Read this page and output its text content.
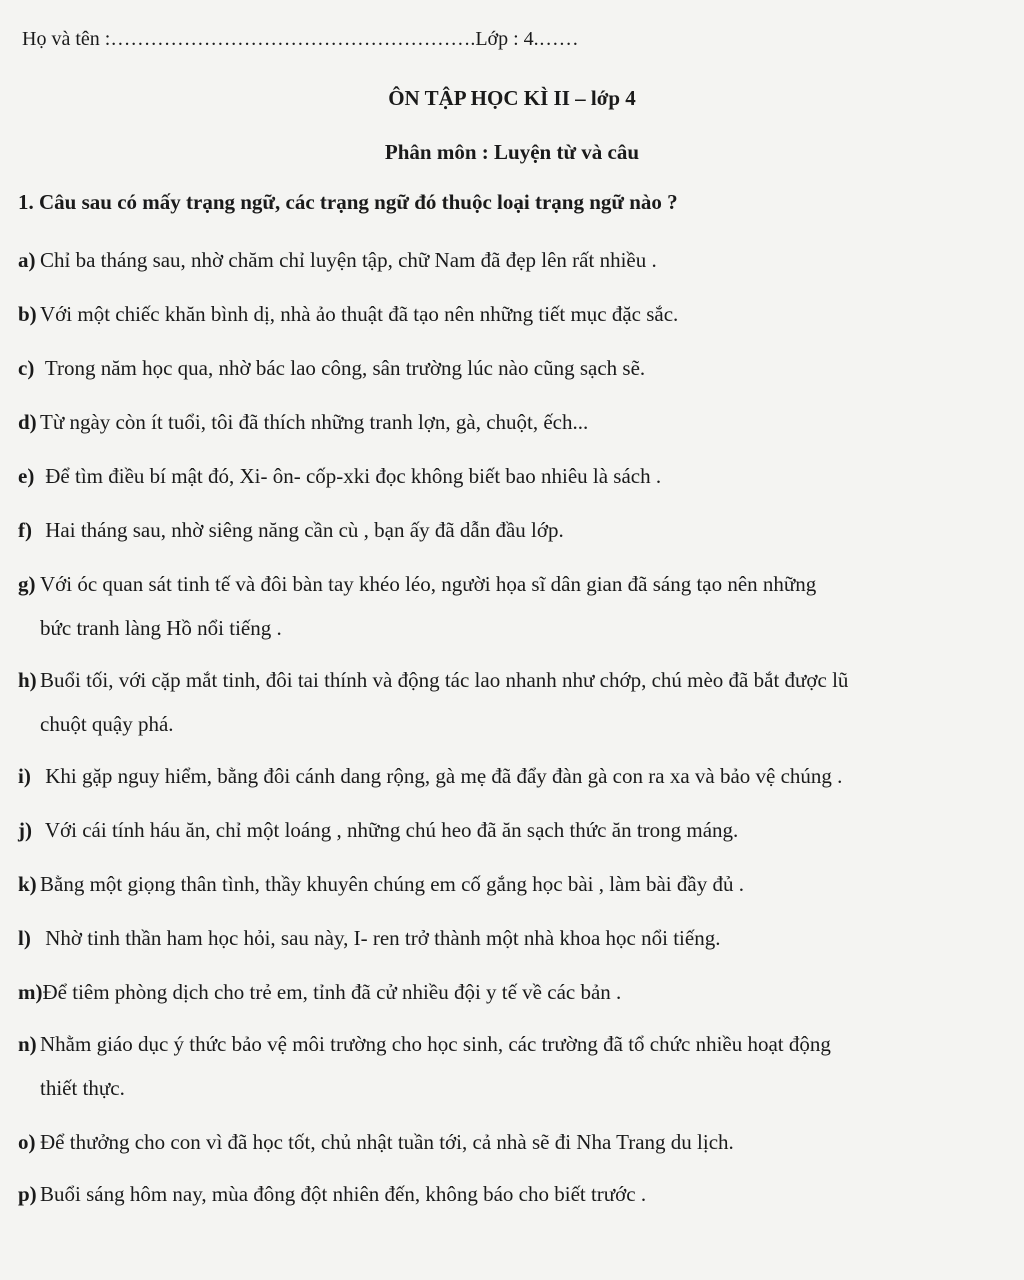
Họ và tên :……………………………………………….Lớp : 4.……
ÔN TẬP HỌC KÌ II – lớp 4
Phân môn : Luyện từ và câu
1. Câu sau có mấy trạng ngữ, các trạng ngữ đó thuộc loại trạng ngữ nào ?
a) Chỉ ba tháng sau, nhờ chăm chỉ luyện tập, chữ Nam đã đẹp lên rất nhiều .
b) Với một chiếc khăn bình dị, nhà ảo thuật đã tạo nên những tiết mục đặc sắc.
c) Trong năm học qua, nhờ bác lao công, sân trường lúc nào cũng sạch sẽ.
d) Từ ngày còn ít tuổi, tôi đã thích những tranh lợn, gà, chuột, ếch...
e) Để tìm điều bí mật đó, Xi- ôn- cốp-xki đọc không biết bao nhiêu là sách .
f) Hai tháng sau, nhờ siêng năng cần cù , bạn ấy đã dẫn đầu lớp.
g) Với óc quan sát tinh tế và đôi bàn tay khéo léo, người họa sĩ dân gian đã sáng tạo nên những
bức tranh làng Hồ nổi tiếng .
h) Buổi tối, với cặp mắt tinh, đôi tai thính và động tác lao nhanh như chớp, chú mèo đã bắt được lũ
chuột quậy phá.
i) Khi gặp nguy hiểm, bằng đôi cánh dang rộng, gà mẹ đã đẩy đàn gà con ra xa và bảo vệ chúng .
j) Với cái tính háu ăn, chỉ một loáng , những chú heo đã ăn sạch thức ăn trong máng.
k) Bằng một giọng thân tình, thầy khuyên chúng em cố gắng học bài , làm bài đầy đủ .
l) Nhờ tinh thần ham học hỏi, sau này, I- ren trở thành một nhà khoa học nổi tiếng.
m)Để tiêm phòng dịch cho trẻ em, tỉnh đã cử nhiều đội y tế về các bản .
n) Nhằm giáo dục ý thức bảo vệ môi trường cho học sinh, các trường đã tổ chức nhiều hoạt động
thiết thực.
o) Để thưởng cho con vì đã học tốt, chủ nhật tuần tới, cả nhà sẽ đi Nha Trang du lịch.
p) Buổi sáng hôm nay, mùa đông đột nhiên đến, không báo cho biết trước .
